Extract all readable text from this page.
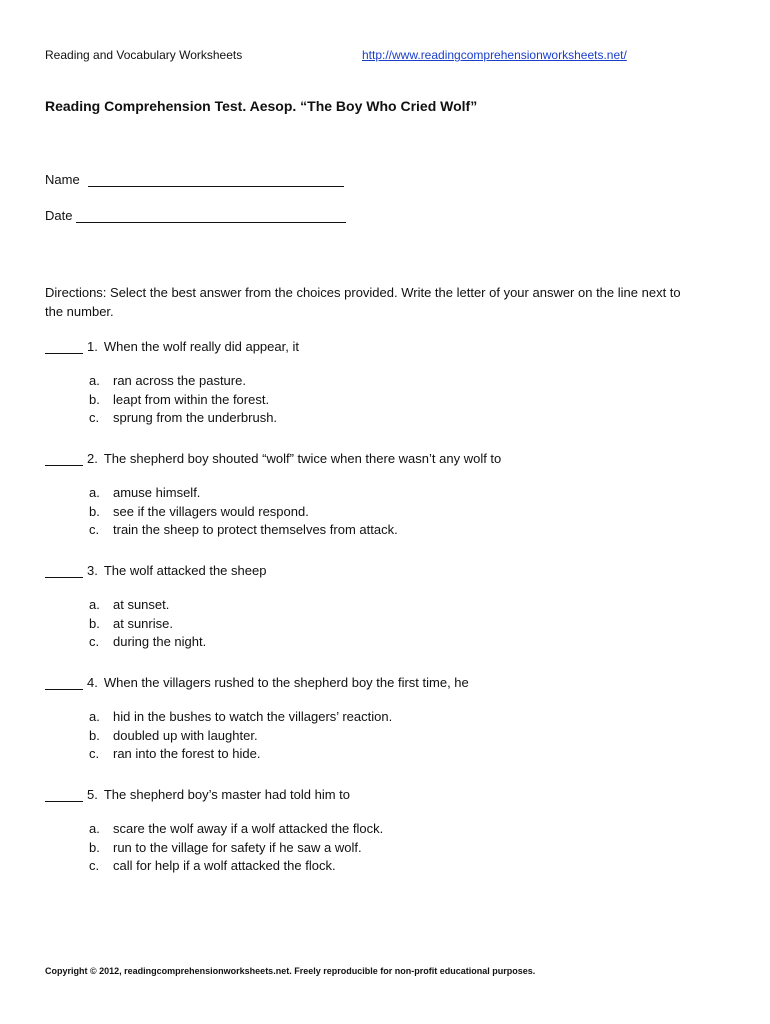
Reading and Vocabulary Worksheets	http://www.readingcomprehensionworksheets.net/
Reading Comprehension Test. Aesop. “The Boy Who Cried Wolf”
Name
Date

Directions: Select the best answer from the choices provided. Write the letter of your answer on the line next to the number.

1. When the wolf really did appear, it
a.	ran across the pasture.
b.	leapt from within the forest.
c.	sprung from the underbrush.
2. The shepherd boy shouted “wolf” twice when there wasn’t any wolf to
a.	amuse himself.
b.	see if the villagers would respond.
c.	train the sheep to protect themselves from attack.
3. The wolf attacked the sheep
a.	at sunset.
b.	at sunrise.
c.	during the night.
4. When the villagers rushed to the shepherd boy the first time, he
a.	hid in the bushes to watch the villagers’ reaction.
b.	doubled up with laughter.
c.	ran into the forest to hide.
5. The shepherd boy’s master had told him to
a.	scare the wolf away if a wolf attacked the flock.
b.	run to the village for safety if he saw a wolf.
c.	call for help if a wolf attacked the flock.
Copyright © 2012, readingcomprehensionworksheets.net. Freely reproducible for non-profit educational purposes.
